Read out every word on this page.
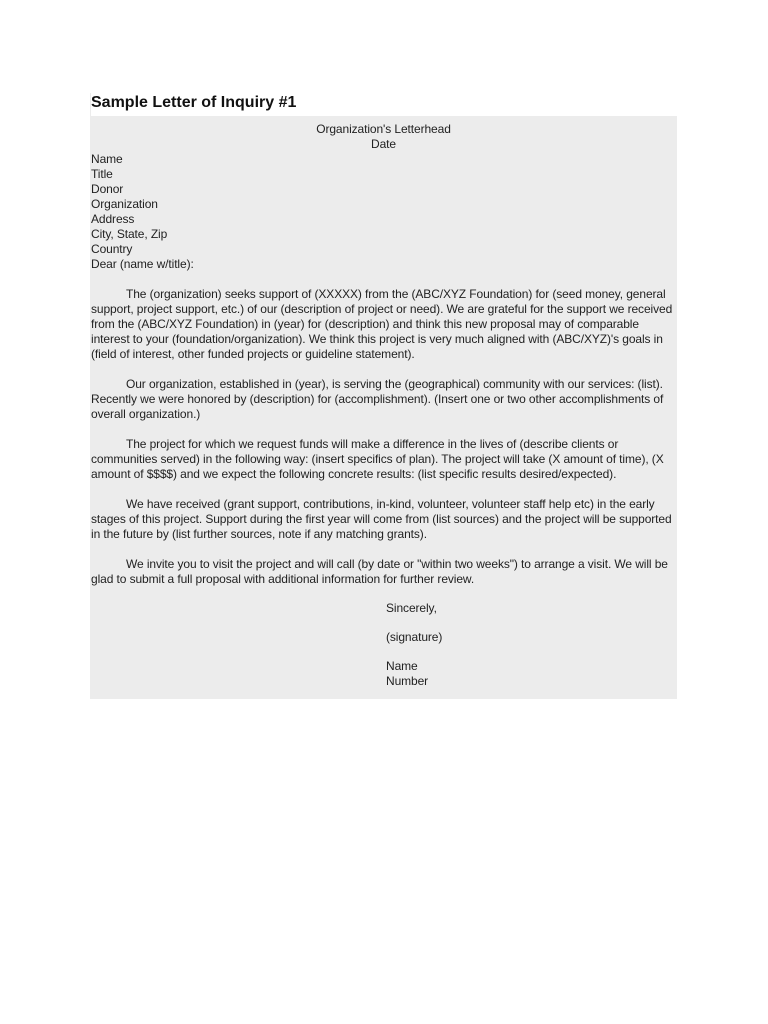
Sample Letter of Inquiry #1
Organization's Letterhead
Date
Name
Title
Donor
Organization
Address
City, State, Zip
Country
Dear (name w/title):
The (organization) seeks support of (XXXXX) from the (ABC/XYZ Foundation) for (seed money, general support, project support, etc.) of our (description of project or need). We are grateful for the support we received from the (ABC/XYZ Foundation) in (year) for (description) and think this new proposal may of comparable interest to your (foundation/organization). We think this project is very much aligned with (ABC/XYZ)'s goals in (field of interest, other funded projects or guideline statement).
Our organization, established in (year), is serving the (geographical) community with our services: (list). Recently we were honored by (description) for (accomplishment). (Insert one or two other accomplishments of overall organization.)
The project for which we request funds will make a difference in the lives of (describe clients or communities served) in the following way: (insert specifics of plan). The project will take (X amount of time), (X amount of $$$$) and we expect the following concrete results: (list specific results desired/expected).
We have received (grant support, contributions, in-kind, volunteer, volunteer staff help etc) in the early stages of this project. Support during the first year will come from (list sources) and the project will be supported in the future by (list further sources, note if any matching grants).
We invite you to visit the project and will call (by date or "within two weeks") to arrange a visit. We will be glad to submit a full proposal with additional information for further review.
Sincerely,
(signature)
Name
Number
